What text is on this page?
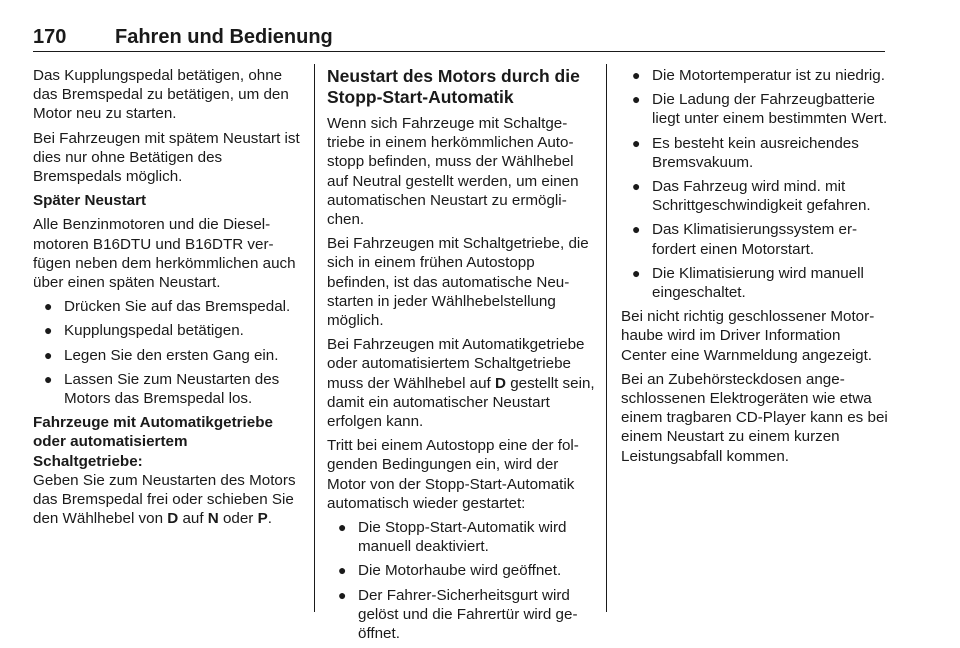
170 Fahren und Bedienung

Das Kupplungspedal betätigen, ohne das Bremspedal zu betätigen, um den Motor neu zu starten.

Bei Fahrzeugen mit spätem Neustart ist dies nur ohne Betätigen des Bremspedals möglich.

Später Neustart

Alle Benzinmotoren und die Dieselmotoren B16DTU und B16DTR verfügen neben dem herkömmlichen auch über einen späten Neustart.

● Drücken Sie auf das Bremspedal.
● Kupplungspedal betätigen.
● Legen Sie den ersten Gang ein.
● Lassen Sie zum Neustarten des Motors das Bremspedal los.

Fahrzeuge mit Automatikgetriebe oder automatisiertem Schaltgetriebe:

Geben Sie zum Neustarten des Motors das Bremspedal frei oder schieben Sie den Wählhebel von D auf N oder P.

Neustart des Motors durch die Stopp-Start-Automatik

Wenn sich Fahrzeuge mit Schaltgetriebe in einem herkömmlichen Autostopp befinden, muss der Wählhebel auf Neutral gestellt werden, um einen automatischen Neustart zu ermöglichen.

Bei Fahrzeugen mit Schaltgetriebe, die sich in einem frühen Autostopp befinden, ist das automatische Neustarten in jeder Wählhebelstellung möglich.

Bei Fahrzeugen mit Automatikgetriebe oder automatisiertem Schaltgetriebe muss der Wählhebel auf D gestellt sein, damit ein automatischer Neustart erfolgen kann.

Tritt bei einem Autostopp eine der folgenden Bedingungen ein, wird der Motor von der Stopp-Start-Automatik automatisch wieder gestartet:

● Die Stopp-Start-Automatik wird manuell deaktiviert.
● Die Motorhaube wird geöffnet.
● Der Fahrer-Sicherheitsgurt wird gelöst und die Fahrertür wird geöffnet.
● Die Motortemperatur ist zu niedrig.
● Die Ladung der Fahrzeugbatterie liegt unter einem bestimmten Wert.
● Es besteht kein ausreichendes Bremsvakuum.
● Das Fahrzeug wird mind. mit Schrittgeschwindigkeit gefahren.
● Das Klimatisierungssystem erfordert einen Motorstart.
● Die Klimatisierung wird manuell eingeschaltet.

Bei nicht richtig geschlossener Motorhaube wird im Driver Information Center eine Warnmeldung angezeigt.

Bei an Zubehörsteckdosen angeschlossenen Elektrogeräten wie etwa einem tragbaren CD-Player kann es bei einem Neustart zu einem kurzen Leistungsabfall kommen.
